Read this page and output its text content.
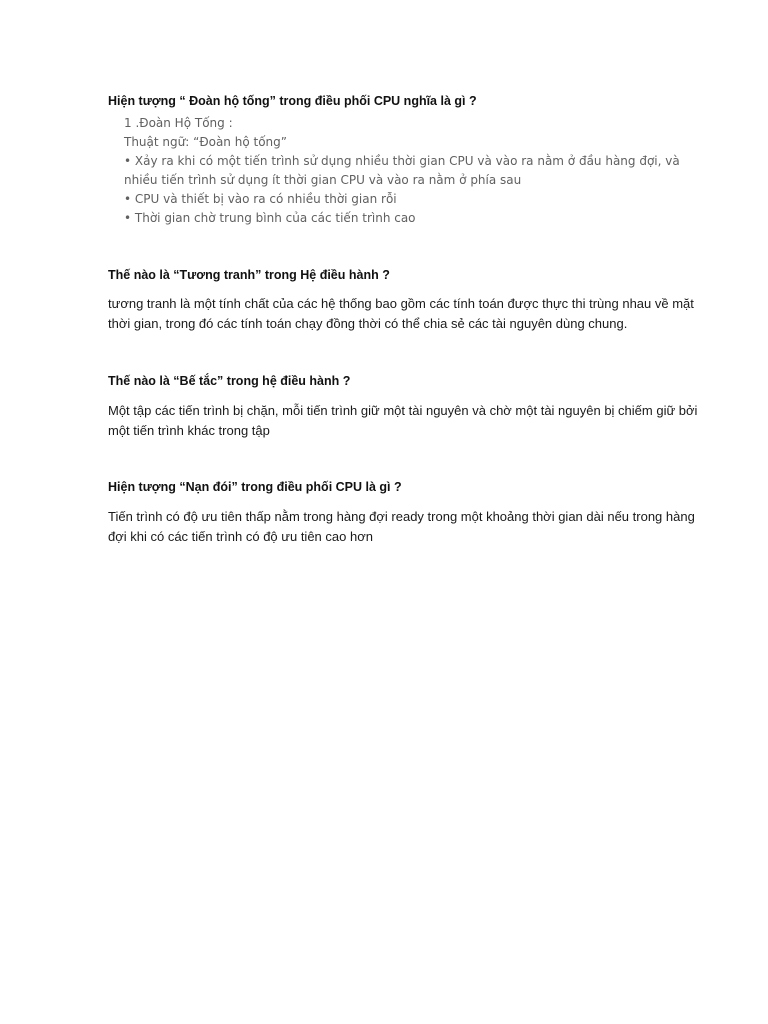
Hiện tượng “ Đoàn hộ tống” trong điều phối CPU nghĩa là gì ?

1 .Đoàn Hộ Tống :

Thuật ngữ: “Đoàn hộ tống”

• Xảy ra khi có một tiến trình sử dụng nhiều thời gian CPU và vào ra nằm ở đầu hàng đợi, và nhiều tiến trình sử dụng ít thời gian CPU và vào ra nằm ở phía sau

• CPU và thiết bị vào ra có nhiều thời gian rỗi

• Thời gian chờ trung bình của các tiến trình cao

Thế nào là “Tương tranh” trong Hệ điều hành ?

tương tranh là một tính chất của các hệ thống bao gồm các tính toán được thực thi trùng nhau về mặt thời gian, trong đó các tính toán chạy đồng thời có thể chia sẻ các tài nguyên dùng chung.

Thế nào là “Bế tắc” trong hệ điều hành ?

Một tập các tiến trình bị chặn, mỗi tiến trình giữ một tài nguyên và chờ một tài nguyên bị chiếm giữ bởi một tiến trình khác trong tập

Hiện tượng “Nạn đói” trong điều phối CPU là gì ?

Tiến trình có độ ưu tiên thấp nằm trong hàng đợi ready trong một khoảng thời gian dài nếu trong hàng đợi khi có các tiến trình có độ ưu tiên cao hơn
